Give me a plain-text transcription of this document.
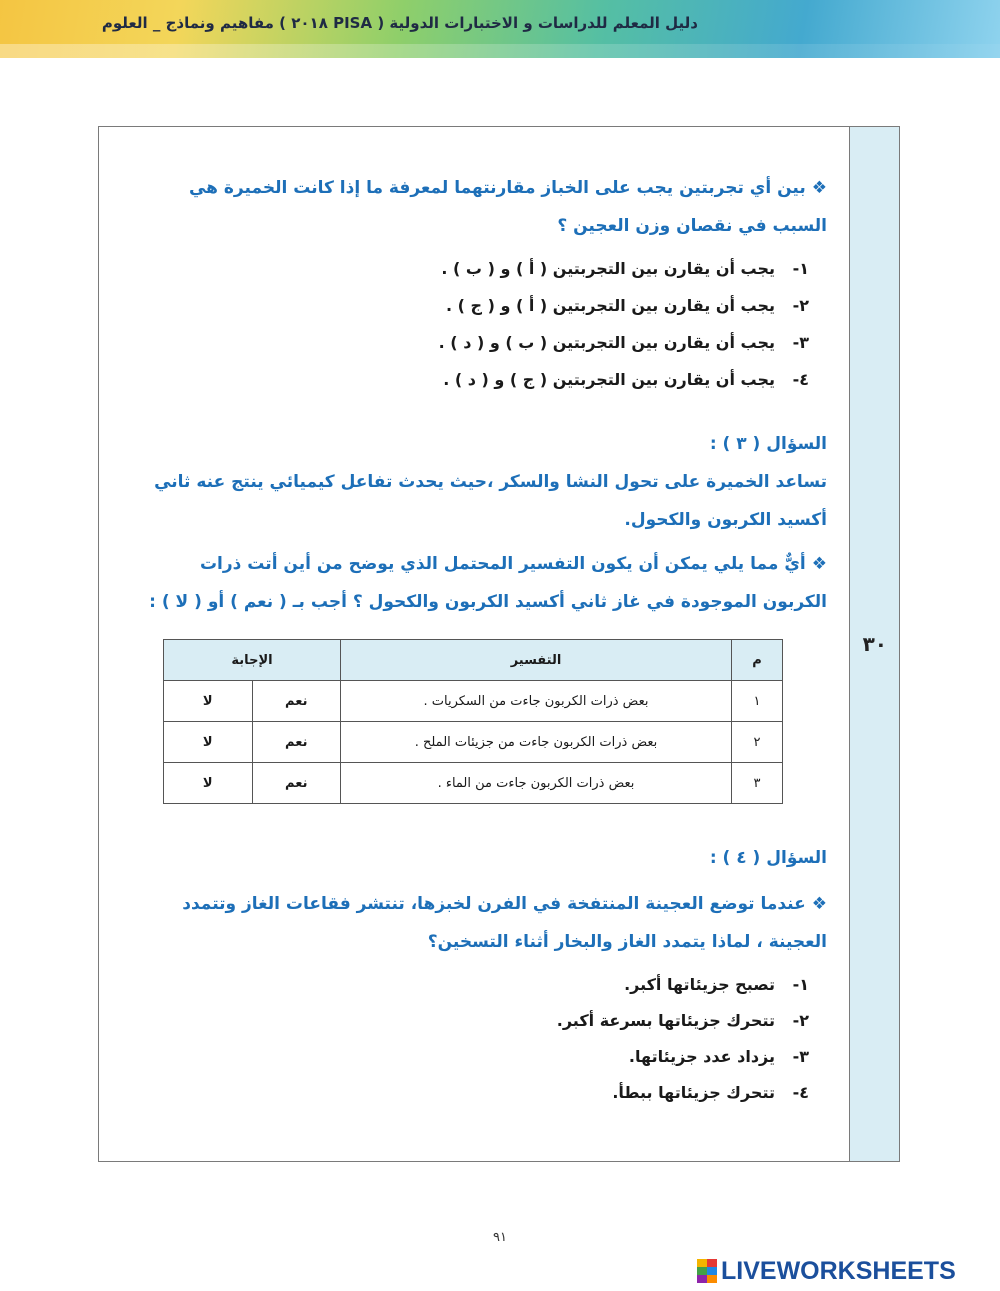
دليل المعلم للدراسات و الاختبارات الدولية ( PISA ٢٠١٨ ) مفاهيم ونماذج _ العلوم
٣٠
❖بين أي تجربتين يجب على الخباز مقارنتهما لمعرفة ما إذا كانت الخميرة هي السبب في نقصان وزن العجين ؟
١-يجب أن يقارن بين التجربتين ( أ ) و ( ب ) .
٢-يجب أن يقارن بين التجربتين ( أ ) و ( ج ) .
٣-يجب أن يقارن بين التجربتين ( ب ) و ( د ) .
٤-يجب أن يقارن بين التجربتين ( ج ) و ( د ) .
السؤال ( ٣ ) :
تساعد الخميرة على تحول النشا والسكر ،حيث يحدث تفاعل كيميائي ينتج عنه ثاني أكسيد الكربون والكحول.
❖أيٌّ مما يلي يمكن أن يكون التفسير المحتمل الذي يوضح من أين أتت ذرات الكربون الموجودة في غاز ثاني أكسيد الكربون والكحول ؟ أجب بـ ( نعم ) أو ( لا ) :
م	التفسير	الإجابة	
١	بعض ذرات الكربون جاءت من السكريات .	نعم	لا
٢	بعض ذرات الكربون جاءت من جزيئات الملح .	نعم	لا
٣	بعض ذرات الكربون جاءت من الماء .	نعم	لا
السؤال ( ٤ ) :
❖عندما توضع العجينة المنتفخة في الفرن لخبزها، تنتشر فقاعات الغاز وتتمدد العجينة ، لماذا يتمدد الغاز والبخار أثناء التسخين؟
١-تصبح جزيئاتها أكبر.
٢-تتحرك جزيئاتها بسرعة أكبر.
٣-يزداد عدد جزيئاتها.
٤-تتحرك جزيئاتها ببطأ.
٩١
LIVEWORKSHEETS
